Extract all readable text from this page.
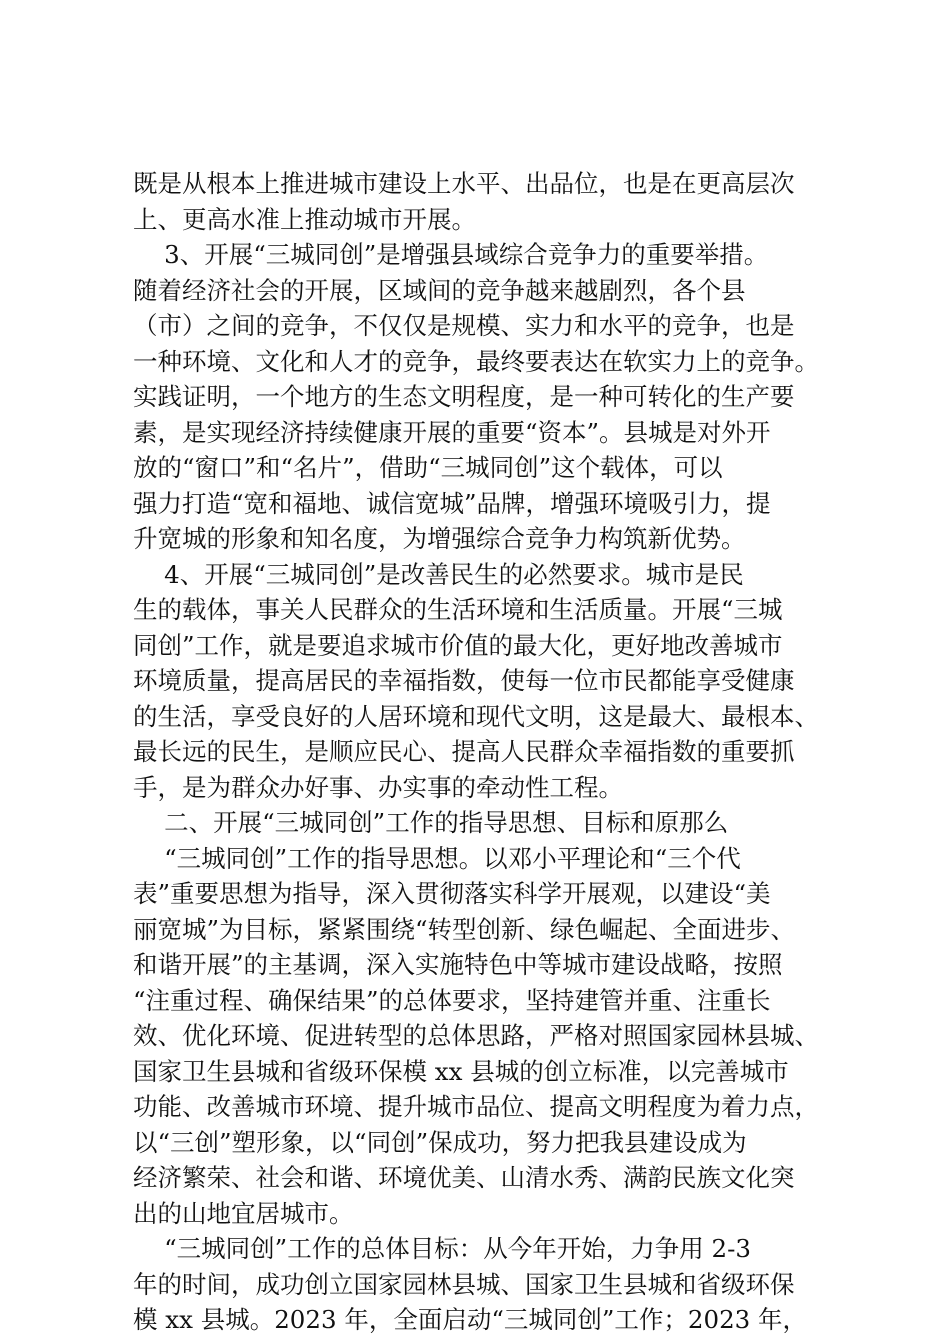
既是从根本上推进城市建设上水平、出品位，也是在更高层次
上、更高水准上推动城市开展。
3、开展“三城同创”是增强县域综合竞争力的重要举措。
随着经济社会的开展，区域间的竞争越来越剧烈，各个县
（市）之间的竞争，不仅仅是规模、实力和水平的竞争，也是
一种环境、文化和人才的竞争，最终要表达在软实力上的竞争。
实践证明，一个地方的生态文明程度，是一种可转化的生产要
素，是实现经济持续健康开展的重要“资本”。县城是对外开
放的“窗口”和“名片”，借助“三城同创”这个载体，可以
强力打造“宽和福地、诚信宽城”品牌，增强环境吸引力，提
升宽城的形象和知名度，为增强综合竞争力构筑新优势。
4、开展“三城同创”是改善民生的必然要求。城市是民
生的载体，事关人民群众的生活环境和生活质量。开展“三城
同创”工作，就是要追求城市价值的最大化，更好地改善城市
环境质量，提高居民的幸福指数，使每一位市民都能享受健康
的生活，享受良好的人居环境和现代文明，这是最大、最根本、
最长远的民生，是顺应民心、提高人民群众幸福指数的重要抓
手，是为群众办好事、办实事的牵动性工程。
二、开展“三城同创”工作的指导思想、目标和原那么
“三城同创”工作的指导思想。以邓小平理论和“三个代
表”重要思想为指导，深入贯彻落实科学开展观，以建设“美
丽宽城”为目标，紧紧围绕“转型创新、绿色崛起、全面进步、
和谐开展”的主基调，深入实施特色中等城市建设战略，按照
“注重过程、确保结果”的总体要求，坚持建管并重、注重长
效、优化环境、促进转型的总体思路，严格对照国家园林县城、
国家卫生县城和省级环保模 xx 县城的创立标准，以完善城市
功能、改善城市环境、提升城市品位、提高文明程度为着力点，
以“三创”塑形象，以“同创”保成功，努力把我县建设成为
经济繁荣、社会和谐、环境优美、山清水秀、满韵民族文化突
出的山地宜居城市。
“三城同创”工作的总体目标：从今年开始，力争用 2-3
年的时间，成功创立国家园林县城、国家卫生县城和省级环保
模 xx 县城。2023 年，全面启动“三城同创”工作；2023 年，
